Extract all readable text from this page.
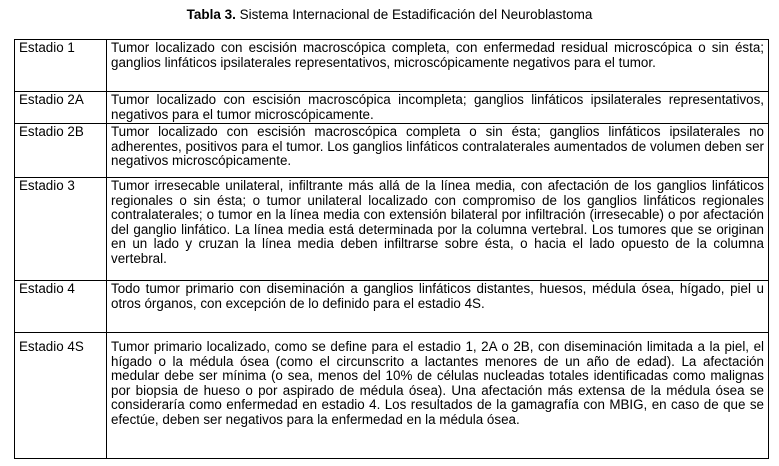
Tabla 3. Sistema Internacional de Estadificación del Neuroblastoma
Estadio 1	Tumor localizado con escisión macroscópica completa, con enfermedad residual microscópica o sin ésta; ganglios linfáticos ipsilaterales representativos, microscópicamente negativos para el tumor.
Estadio 2A	Tumor localizado con escisión macroscópica incompleta; ganglios linfáticos ipsilaterales representativos, negativos para el tumor microscópicamente.
Estadio 2B	Tumor localizado con escisión macroscópica completa o sin ésta; ganglios linfáticos ipsilaterales no adherentes, positivos para el tumor. Los ganglios linfáticos contralaterales aumentados de volumen deben ser negativos microscópicamente.
Estadio 3	Tumor irresecable unilateral, infiltrante más allá de la línea media, con afectación de los ganglios linfáticos regionales o sin ésta; o tumor unilateral localizado con compromiso de los ganglios linfáticos regionales contralaterales; o tumor en la línea media con extensión bilateral por infiltración (irresecable) o por afectación del ganglio linfático. La línea media está determinada por la columna vertebral. Los tumores que se originan en un lado y cruzan la línea media deben infiltrarse sobre ésta, o hacia el lado opuesto de la columna vertebral.
Estadio 4	Todo tumor primario con diseminación a ganglios linfáticos distantes, huesos, médula ósea, hígado, piel u otros órganos, con excepción de lo definido para el estadio 4S.
Estadio 4S	Tumor primario localizado, como se define para el estadio 1, 2A o 2B, con diseminación limitada a la piel, el hígado o la médula ósea (como el circunscrito a lactantes menores de un año de edad). La afectación medular debe ser mínima (o sea, menos del 10% de células nucleadas totales identificadas como malignas por biopsia de hueso o por aspirado de médula ósea). Una afectación más extensa de la médula ósea se consideraría como enfermedad en estadio 4. Los resultados de la gamagrafía con MBIG, en caso de que se efectúe, deben ser negativos para la enfermedad en la médula ósea.
